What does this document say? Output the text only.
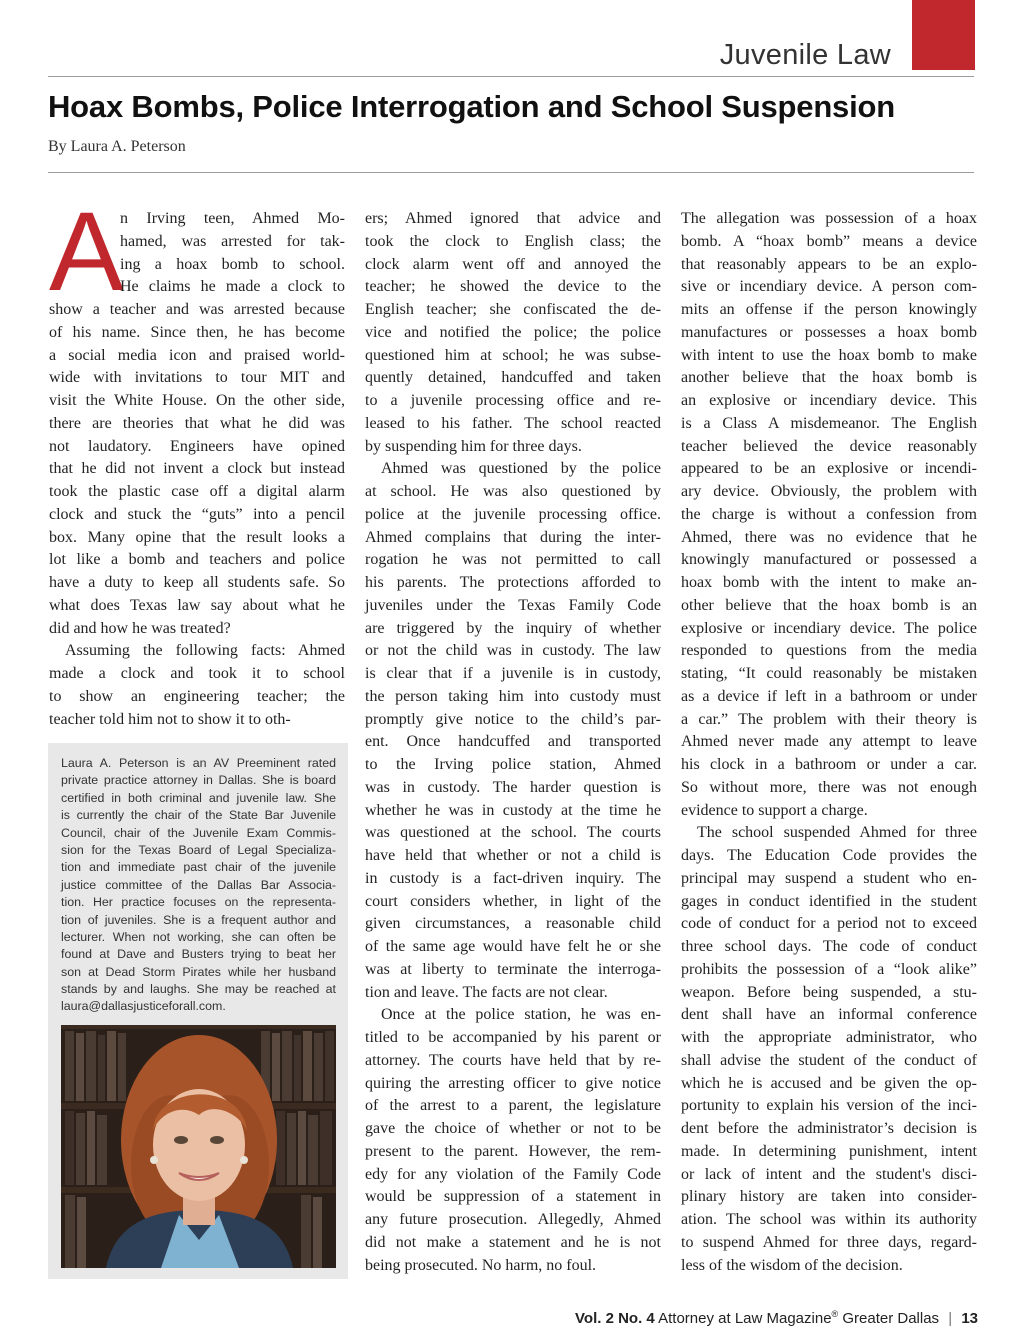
Juvenile Law
Hoax Bombs, Police Interrogation and School Suspension
By Laura A. Peterson
A
n Irving teen, Ahmed Mo-
hamed, was arrested for tak-
ing a hoax bomb to school.
He claims he made a clock to
show a teacher and was arrested because
of his name. Since then, he has become
a social media icon and praised world-
wide with invitations to tour MIT and
visit the White House. On the other side,
there are theories that what he did was
not laudatory. Engineers have opined
that he did not invent a clock but instead
took the plastic case off a digital alarm
clock and stuck the “guts” into a pencil
box. Many opine that the result looks a
lot like a bomb and teachers and police
have a duty to keep all students safe. So
what does Texas law say about what he
did and how he was treated?
Assuming the following facts: Ahmed
made a clock and took it to school
to show an engineering teacher; the
teacher told him not to show it to oth-
ers; Ahmed ignored that advice and
took the clock to English class; the
clock alarm went off and annoyed the
teacher; he showed the device to the
English teacher; she confiscated the de-
vice and notified the police; the police
questioned him at school; he was subse-
quently detained, handcuffed and taken
to a juvenile processing office and re-
leased to his father. The school reacted
by suspending him for three days.
Ahmed was questioned by the police
at school. He was also questioned by
police at the juvenile processing office.
Ahmed complains that during the inter-
rogation he was not permitted to call
his parents. The protections afforded to
juveniles under the Texas Family Code
are triggered by the inquiry of whether
or not the child was in custody. The law
is clear that if a juvenile is in custody,
the person taking him into custody must
promptly give notice to the child’s par-
ent. Once handcuffed and transported
to the Irving police station, Ahmed
was in custody. The harder question is
whether he was in custody at the time he
was questioned at the school. The courts
have held that whether or not a child is
in custody is a fact-driven inquiry. The
court considers whether, in light of the
given circumstances, a reasonable child
of the same age would have felt he or she
was at liberty to terminate the interroga-
tion and leave. The facts are not clear.
Once at the police station, he was en-
titled to be accompanied by his parent or
attorney. The courts have held that by re-
quiring the arresting officer to give notice
of the arrest to a parent, the legislature
gave the choice of whether or not to be
present to the parent. However, the rem-
edy for any violation of the Family Code
would be suppression of a statement in
any future prosecution. Allegedly, Ahmed
did not make a statement and he is not
being prosecuted. No harm, no foul.
The allegation was possession of a hoax
bomb. A “hoax bomb” means a device
that reasonably appears to be an explo-
sive or incendiary device. A person com-
mits an offense if the person knowingly
manufactures or possesses a hoax bomb
with intent to use the hoax bomb to make
another believe that the hoax bomb is
an explosive or incendiary device. This
is a Class A misdemeanor. The English
teacher believed the device reasonably
appeared to be an explosive or incendi-
ary device. Obviously, the problem with
the charge is without a confession from
Ahmed, there was no evidence that he
knowingly manufactured or possessed a
hoax bomb with the intent to make an-
other believe that the hoax bomb is an
explosive or incendiary device. The police
responded to questions from the media
stating, “It could reasonably be mistaken
as a device if left in a bathroom or under
a car.” The problem with their theory is
Ahmed never made any attempt to leave
his clock in a bathroom or under a car.
So without more, there was not enough
evidence to support a charge.
The school suspended Ahmed for three
days. The Education Code provides the
principal may suspend a student who en-
gages in conduct identified in the student
code of conduct for a period not to exceed
three school days. The code of conduct
prohibits the possession of a “look alike”
weapon. Before being suspended, a stu-
dent shall have an informal conference
with the appropriate administrator, who
shall advise the student of the conduct of
which he is accused and be given the op-
portunity to explain his version of the inci-
dent before the administrator’s decision is
made. In determining punishment, intent
or lack of intent and the student's disci-
plinary history are taken into consider-
ation. The school was within its authority
to suspend Ahmed for three days, regard-
less of the wisdom of the decision.
Laura A. Peterson is an AV Preeminent rated
private practice attorney in Dallas. She is board
certified in both criminal and juvenile law. She
is currently the chair of the State Bar Juvenile
Council, chair of the Juvenile Exam Commis-
sion for the Texas Board of Legal Specializa-
tion and immediate past chair of the juvenile
justice committee of the Dallas Bar Associa-
tion. Her practice focuses on the representa-
tion of juveniles. She is a frequent author and
lecturer. When not working, she can often be
found at Dave and Busters trying to beat her
son at Dead Storm Pirates while her husband
stands by and laughs. She may be reached at
laura@dallasjusticeforall.com.
Vol. 2 No. 4 Attorney at Law Magazine® Greater Dallas | 13
